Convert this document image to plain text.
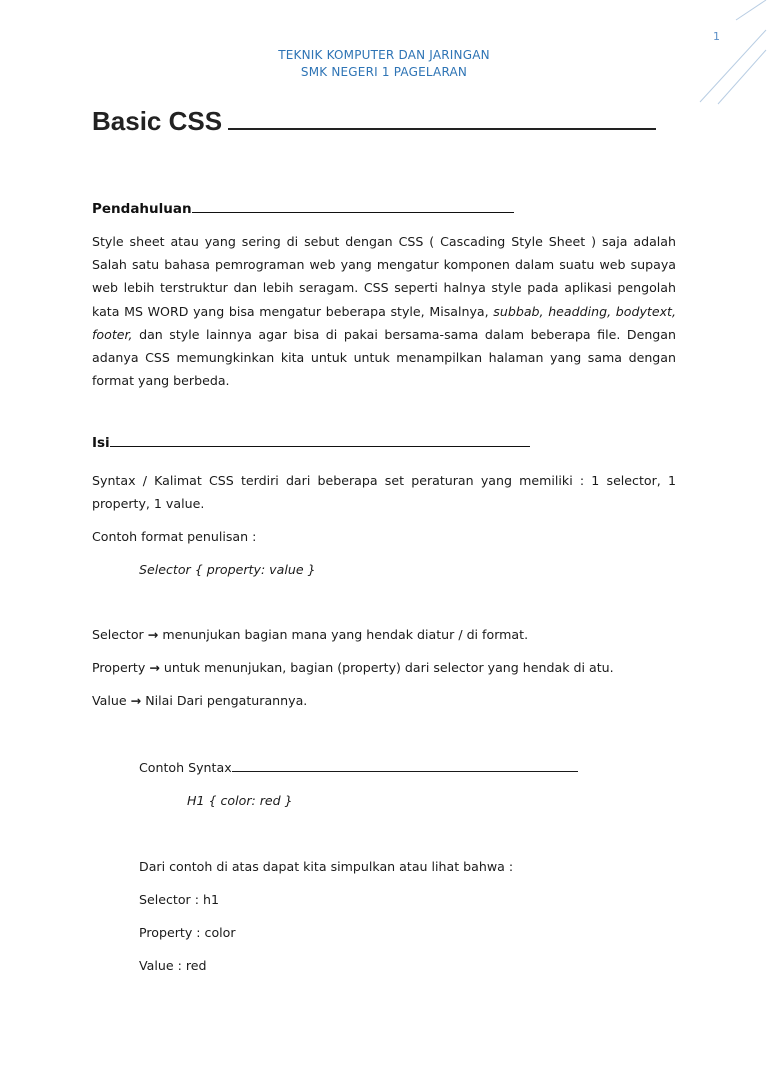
1
TEKNIK KOMPUTER DAN JARINGAN
SMK NEGERI 1 PAGELARAN
Basic CSS
Pendahuluan
Style sheet atau yang sering di sebut dengan CSS ( Cascading Style Sheet ) saja adalah Salah satu bahasa pemrograman web yang mengatur komponen dalam suatu web supaya web lebih terstruktur dan lebih seragam. CSS seperti halnya style pada aplikasi pengolah kata MS WORD yang bisa mengatur beberapa style, Misalnya, subbab, headding, bodytext, footer, dan style lainnya agar bisa di pakai bersama-sama dalam beberapa file. Dengan adanya CSS memungkinkan kita untuk untuk menampilkan halaman yang sama dengan format yang berbeda.
Isi
Syntax / Kalimat CSS terdiri dari beberapa set peraturan yang memiliki : 1 selector, 1 property, 1 value.
Contoh format penulisan :
Selector { property: value }
Selector → menunjukan bagian mana yang hendak diatur / di format.
Property → untuk menunjukan, bagian (property) dari selector yang hendak di atu.
Value → Nilai Dari pengaturannya.
Contoh Syntax
H1 { color: red }
Dari contoh di atas dapat kita simpulkan atau lihat bahwa :
Selector : h1
Property : color
Value : red
